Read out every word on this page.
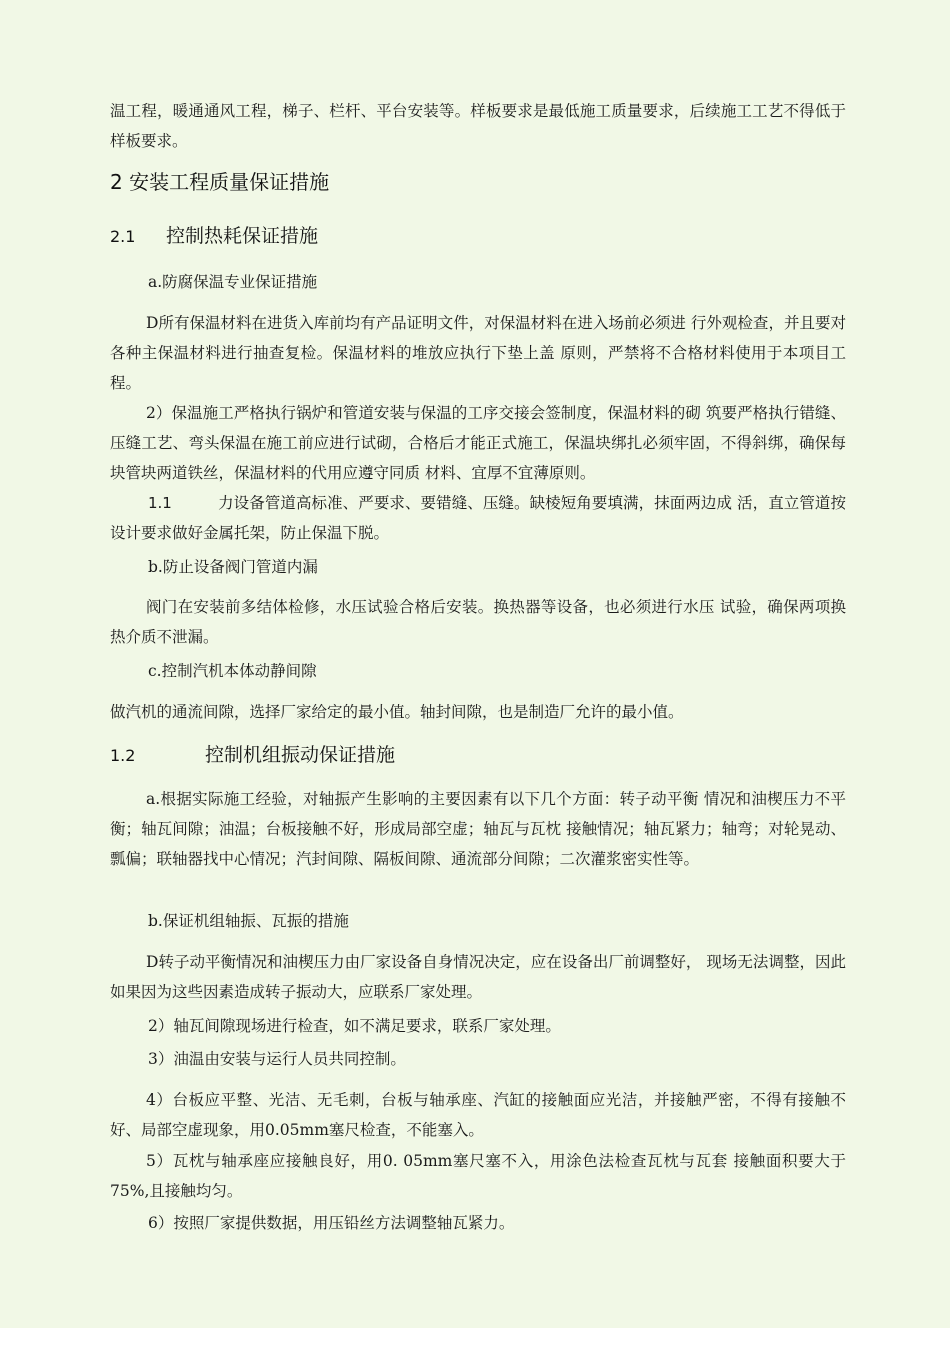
温工程，暖通通风工程，梯子、栏杆、平台安装等。样板要求是最低施工质量要求，后续施工工艺不得低于样板要求。

2 安装工程质量保证措施
2.1 控制热耗保证措施

a.防腐保温专业保证措施

D所有保温材料在进货入库前均有产品证明文件，对保温材料在进入场前必须进 行外观检查，并且要对各种主保温材料进行抽查复检。保温材料的堆放应执行下垫上盖 原则，严禁将不合格材料使用于本项目工程。

2）保温施工严格执行锅炉和管道安装与保温的工序交接会签制度，保温材料的砌 筑要严格执行错缝、压缝工艺、弯头保温在施工前应进行试砌，合格后才能正式施工，保温块绑扎必须牢固，不得斜绑，确保每块管块两道铁丝，保温材料的代用应遵守同质 材料、宜厚不宜薄原则。

1.1	力设备管道高标准、严要求、要错缝、压缝。缺棱短角要填满，抹面两边成 活，直立管道按设计要求做好金属托架，防止保温下脱。

b.防止设备阀门管道内漏

阀门在安装前多结体检修，水压试验合格后安装。换热器等设备，也必须进行水压 试验，确保两项换热介质不泄漏。

c.控制汽机本体动静间隙

做汽机的通流间隙，选择厂家给定的最小值。轴封间隙，也是制造厂允许的最小值。

1.2	控制机组振动保证措施

a.根据实际施工经验，对轴振产生影响的主要因素有以下几个方面：转子动平衡 情况和油楔压力不平衡；轴瓦间隙；油温；台板接触不好，形成局部空虚；轴瓦与瓦枕 接触情况；轴瓦紧力；轴弯；对轮晃动、瓢偏；联轴器找中心情况；汽封间隙、隔板间隙、通流部分间隙；二次灌浆密实性等。

b.保证机组轴振、瓦振的措施

D转子动平衡情况和油楔压力由厂家设备自身情况决定，应在设备出厂前调整好， 现场无法调整，因此如果因为这些因素造成转子振动大，应联系厂家处理。

2）轴瓦间隙现场进行检查，如不满足要求，联系厂家处理。

3）油温由安装与运行人员共同控制。

4）台板应平整、光洁、无毛刺，台板与轴承座、汽缸的接触面应光洁，并接触严密，不得有接触不好、局部空虚现象，用0.05mm塞尺检查，不能塞入。

5）瓦枕与轴承座应接触良好，用0. 05mm塞尺塞不入，用涂色法检查瓦枕与瓦套 接触面积要大于75%,且接触均匀。

6）按照厂家提供数据，用压铅丝方法调整轴瓦紧力。
